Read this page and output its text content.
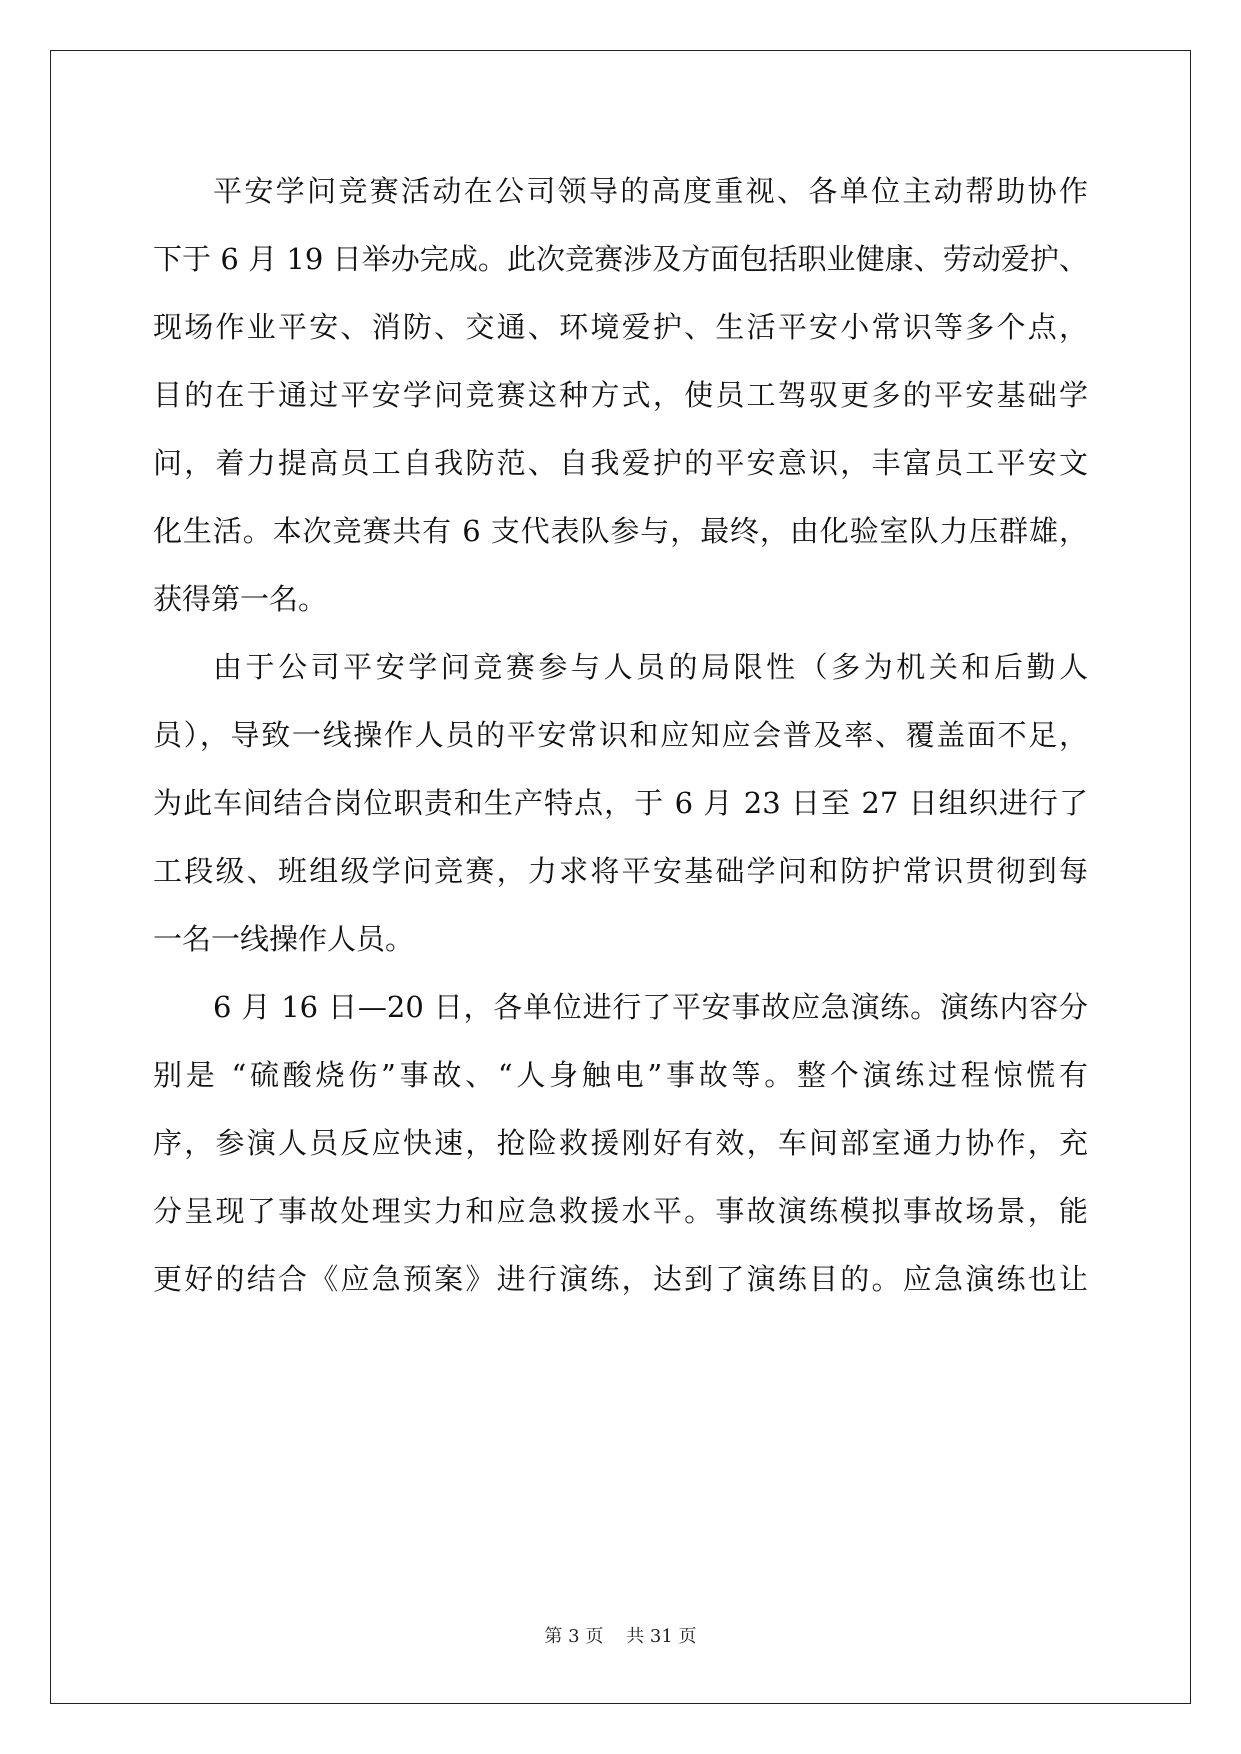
平安学问竞赛活动在公司领导的高度重视、各单位主动帮助协作
下于 6 月 19 日举办完成。此次竞赛涉及方面包括职业健康、劳动爱护、
现场作业平安、消防、交通、环境爱护、生活平安小常识等多个点，
目的在于通过平安学问竞赛这种方式，使员工驾驭更多的平安基础学
问，着力提高员工自我防范、自我爱护的平安意识，丰富员工平安文
化生活。本次竞赛共有 6 支代表队参与，最终，由化验室队力压群雄，
获得第一名。
由于公司平安学问竞赛参与人员的局限性（多为机关和后勤人
员），导致一线操作人员的平安常识和应知应会普及率、覆盖面不足，
为此车间结合岗位职责和生产特点，于 6 月 23 日至 27 日组织进行了
工段级、班组级学问竞赛，力求将平安基础学问和防护常识贯彻到每
一名一线操作人员。
6 月 16 日—20 日，各单位进行了平安事故应急演练。演练内容分
别是 “硫酸烧伤”事故、“人身触电”事故等。整个演练过程惊慌有
序，参演人员反应快速，抢险救援刚好有效，车间部室通力协作，充
分呈现了事故处理实力和应急救援水平。事故演练模拟事故场景，能
更好的结合《应急预案》进行演练，达到了演练目的。应急演练也让
第 3 页    共 31 页
